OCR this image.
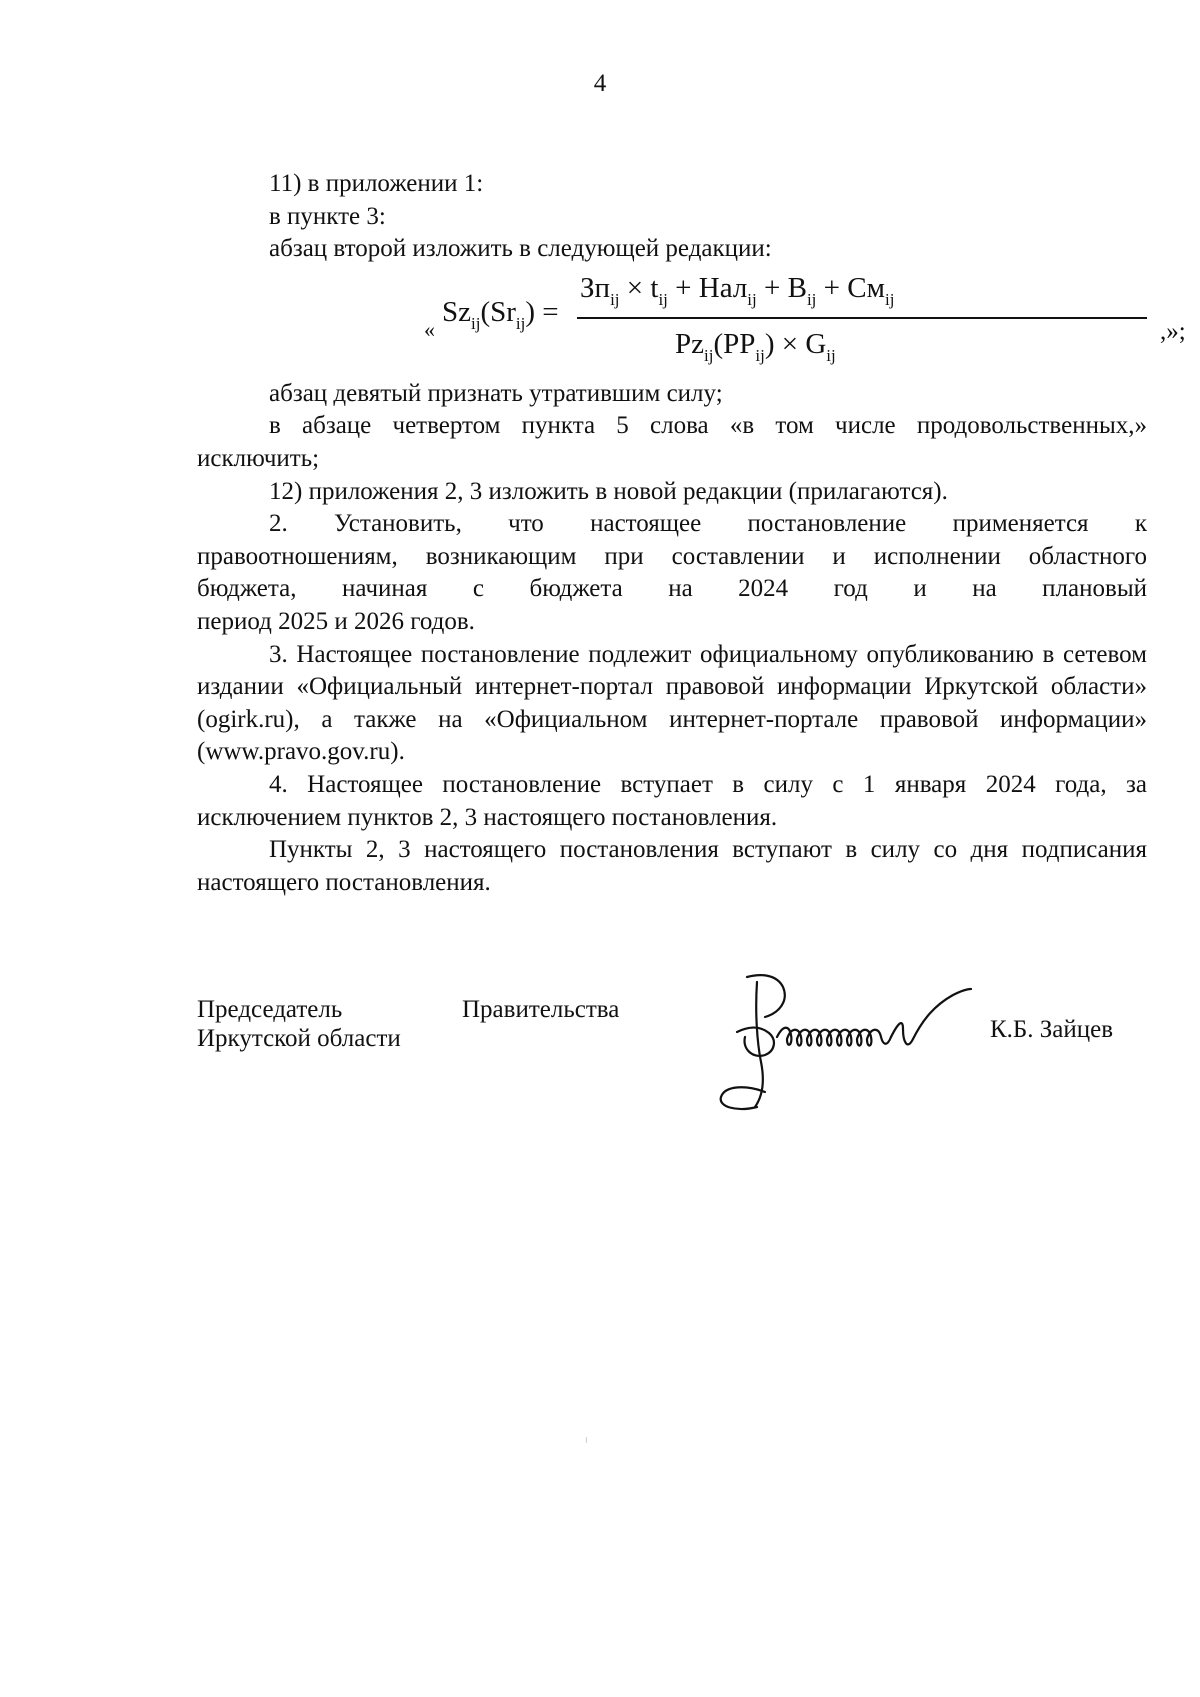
4

11) в приложении 1:

в пункте 3:

абзац второй изложить в следующей редакции:

«
$Sz_{ij}(Sr_{ij})$ =
$Зп_{ij} \times t_{ij} + Нал_{ij} + B_{ij} + См_{ij}$
$Pz_{ij}(PP_{ij}) \times G_{ij}$
,»;

абзац девятый признать утратившим силу;

в абзаце четвертом пункта 5 слова «в том числе продовольственных,»

исключить;

12) приложения 2, 3 изложить в новой редакции (прилагаются).

2. Установить, что настоящее постановление применяется к

правоотношениям, возникающим при составлении и исполнении областного

бюджета, начиная с бюджета на 2024 год и на плановый

период 2025 и 2026 годов.

3. Настоящее постановление подлежит официальному опубликованию в сетевом издании «Официальный интернет-портал правовой информации Иркутской области» (ogirk.ru), а также на «Официальном интернет-портале правовой информации» (www.pravo.gov.ru).

4. Настоящее постановление вступает в силу с 1 января 2024 года, за исключением пунктов 2, 3 настоящего постановления.

Пункты 2, 3 настоящего постановления вступают в силу со дня подписания настоящего постановления.

Председатель	Правительства
Иркутской области	К.Б. Зайцев
